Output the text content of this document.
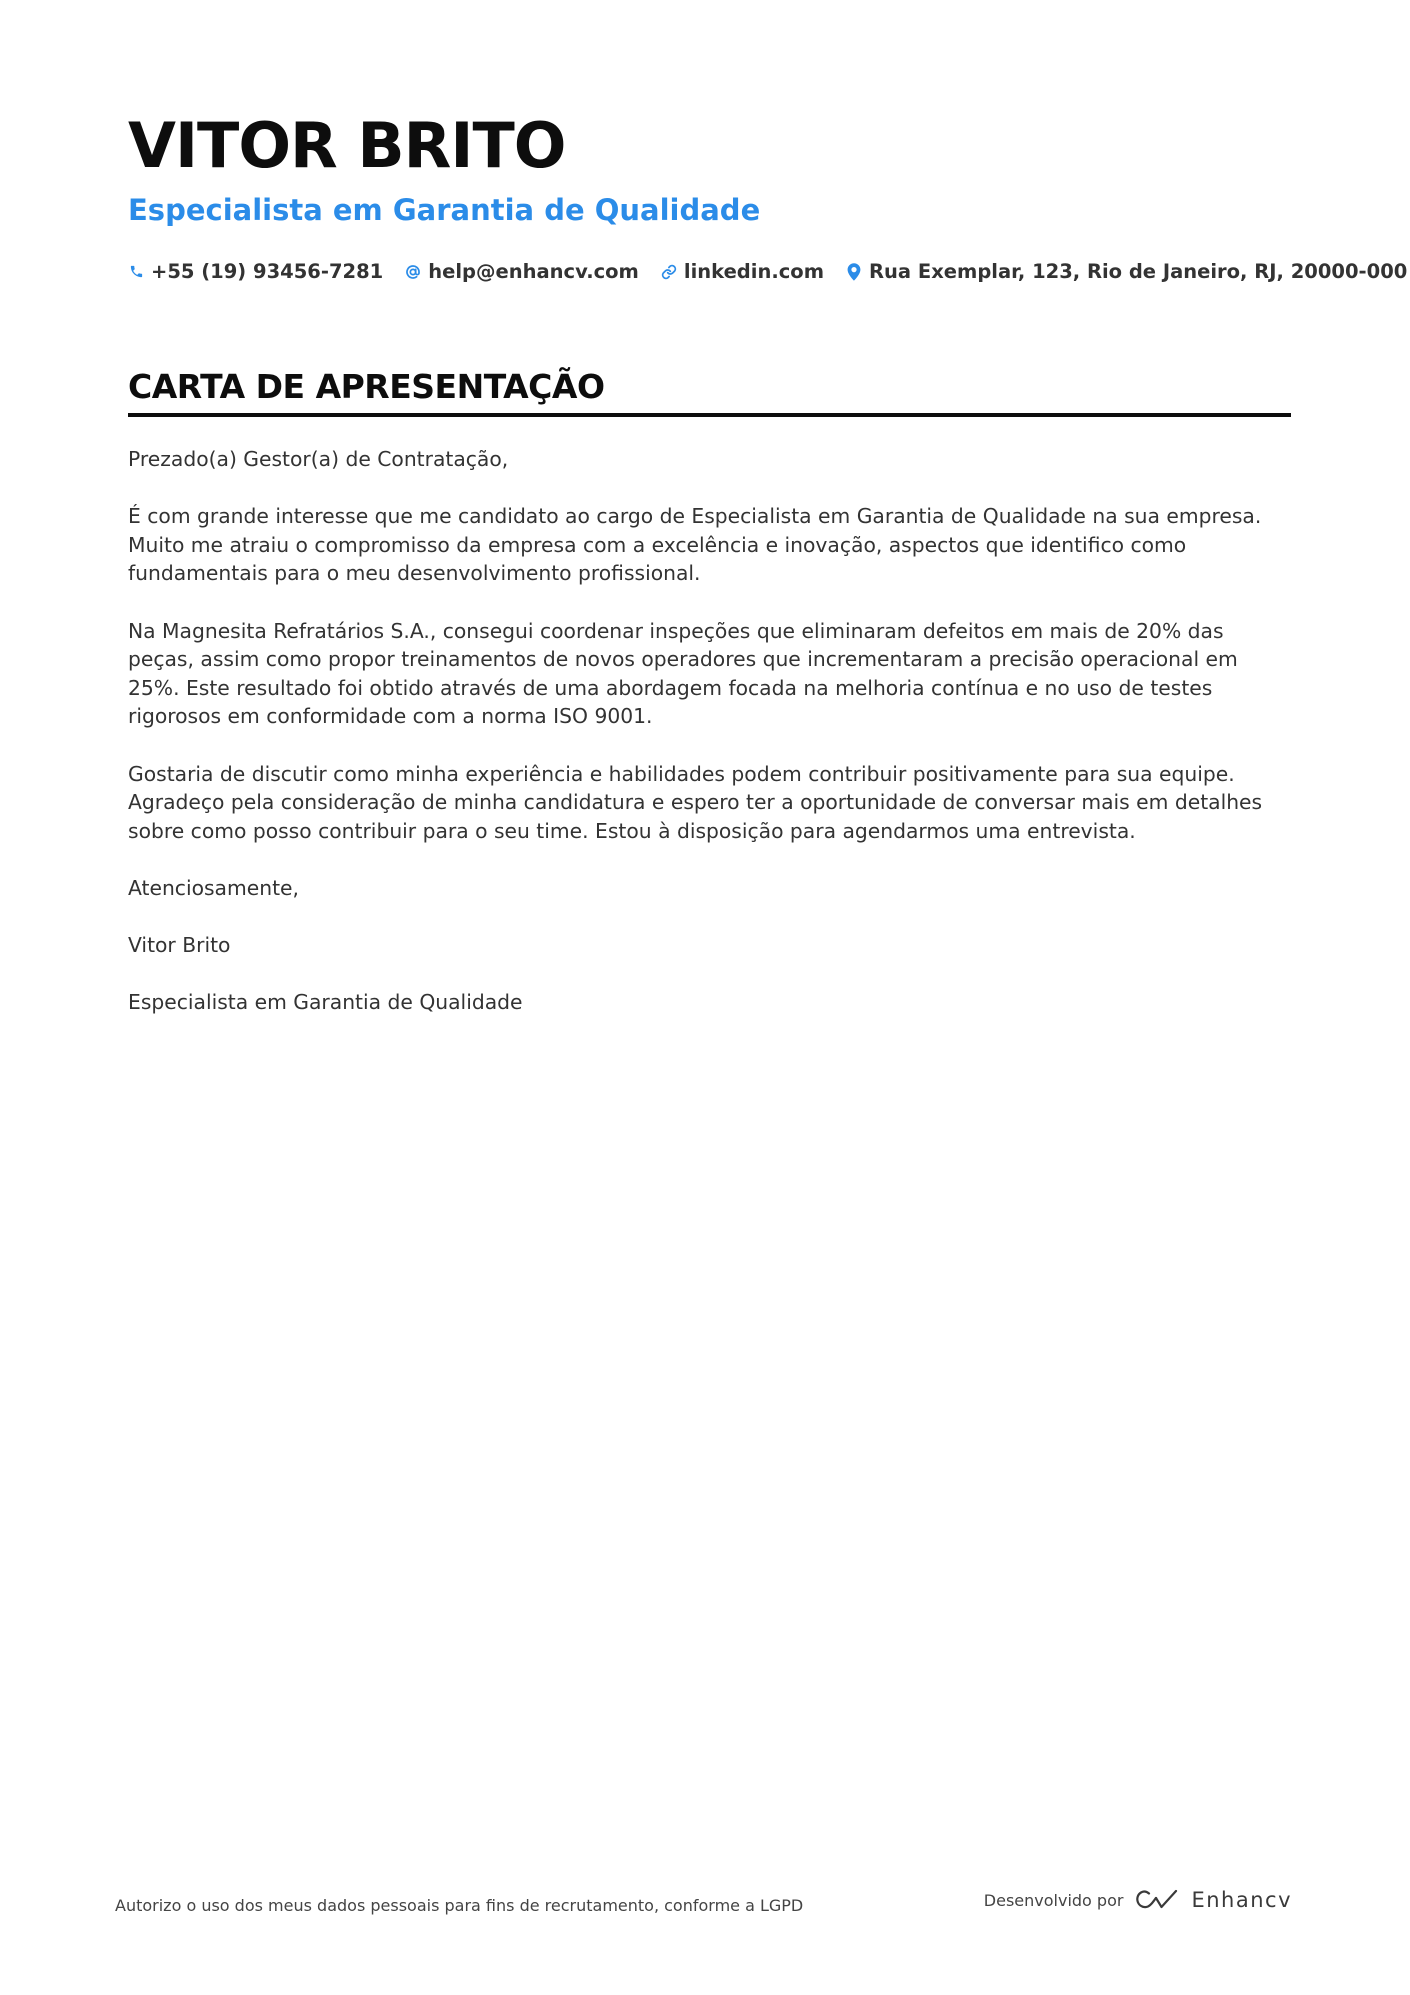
VITOR BRITO
Especialista em Garantia de Qualidade
+55 (19) 93456-7281 help@enhancv.com linkedin.com Rua Exemplar, 123, Rio de Janeiro, RJ, 20000-000
CARTA DE APRESENTAÇÃO

Prezado(a) Gestor(a) de Contratação,

É com grande interesse que me candidato ao cargo de Especialista em Garantia de Qualidade na sua empresa. Muito me atraiu o compromisso da empresa com a excelência e inovação, aspectos que identifico como fundamentais para o meu desenvolvimento profissional.

Na Magnesita Refratários S.A., consegui coordenar inspeções que eliminaram defeitos em mais de 20% das peças, assim como propor treinamentos de novos operadores que incrementaram a precisão operacional em 25%. Este resultado foi obtido através de uma abordagem focada na melhoria contínua e no uso de testes rigorosos em conformidade com a norma ISO 9001.

Gostaria de discutir como minha experiência e habilidades podem contribuir positivamente para sua equipe. Agradeço pela consideração de minha candidatura e espero ter a oportunidade de conversar mais em detalhes sobre como posso contribuir para o seu time. Estou à disposição para agendarmos uma entrevista.

Atenciosamente,

Vitor Brito

Especialista em Garantia de Qualidade

Autorizo o uso dos meus dados pessoais para fins de recrutamento, conforme a LGPD	Desenvolvido por	Enhancv
